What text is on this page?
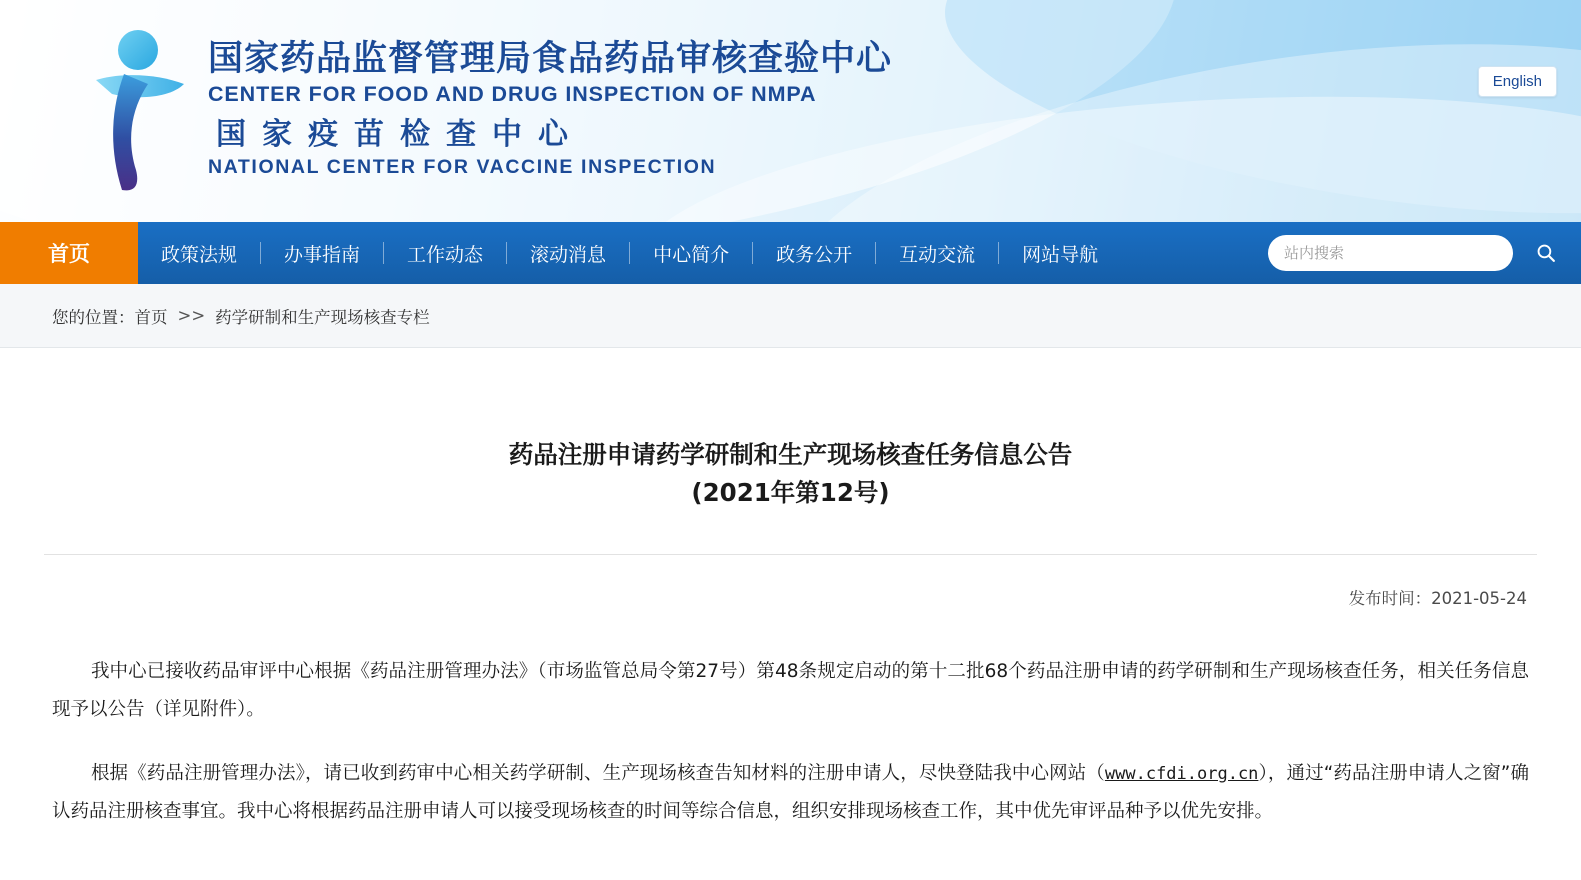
国家药品监督管理局食品药品审核查验中心
CENTER FOR FOOD AND DRUG INSPECTION OF NMPA
国家疫苗检查中心
NATIONAL CENTER FOR VACCINE INSPECTION
English
首页	政策法规	办事指南	工作动态	滚动消息	中心简介	政务公开	互动交流	网站导航
站内搜索
您的位置： 首页 >> 药学研制和生产现场核查专栏
药品注册申请药学研制和生产现场核查任务信息公告
(2021年第12号)
发布时间：2021-05-24

我中心已接收药品审评中心根据《药品注册管理办法》（市场监管总局令第27号）第48条规定启动的第十二批68个药品注册申请的药学研制和生产现场核查任务，相关任务信息现予以公告（详见附件）。

根据《药品注册管理办法》，请已收到药审中心相关药学研制、生产现场核查告知材料的注册申请人，尽快登陆我中心网站（www.cfdi.org.cn），通过“药品注册申请人之窗”确认药品注册核查事宜。我中心将根据药品注册申请人可以接受现场核查的时间等综合信息，组织安排现场核查工作，其中优先审评品种予以优先安排。
